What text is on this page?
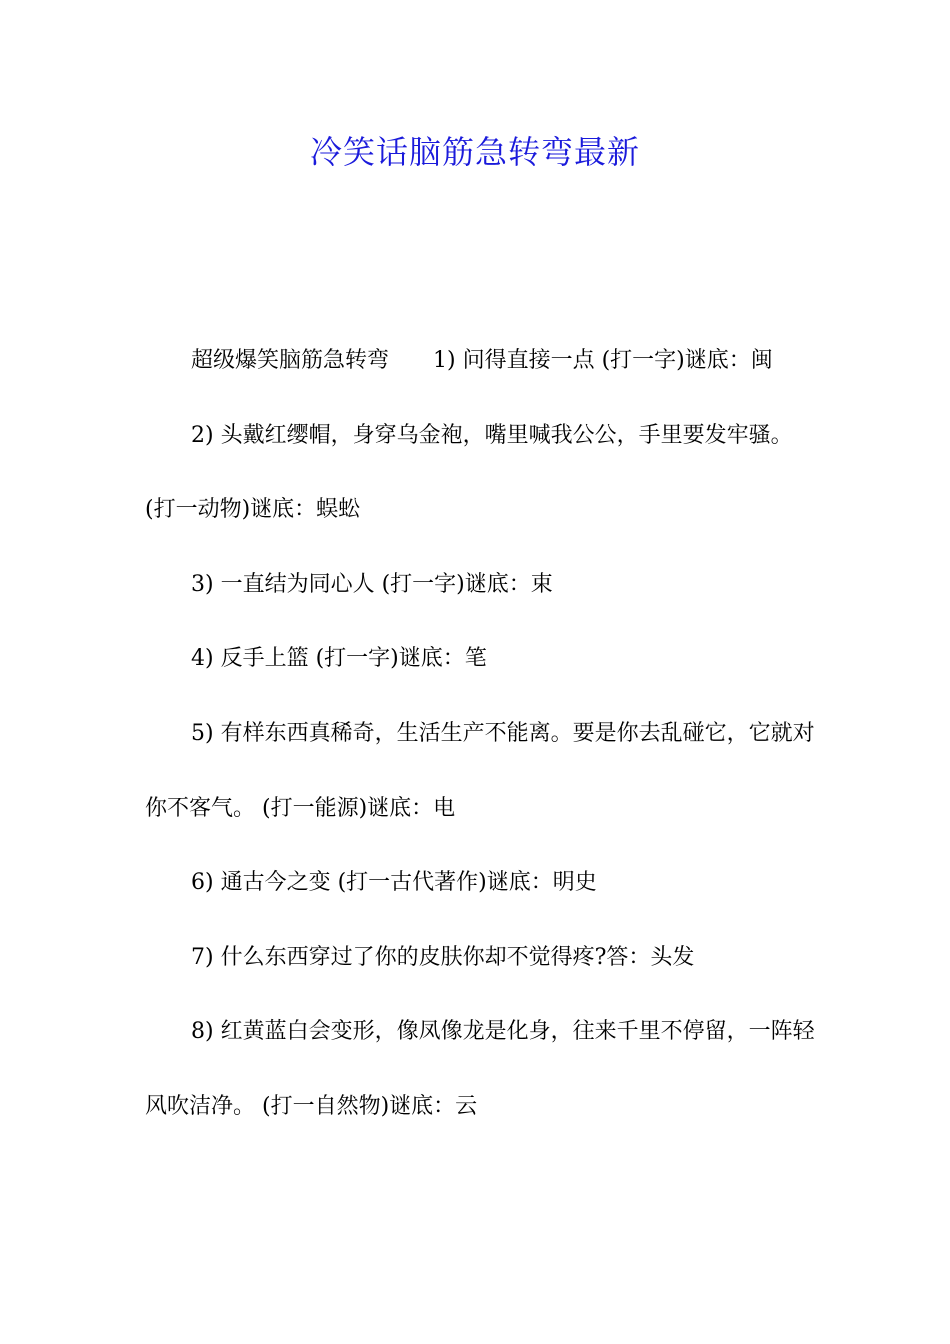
冷笑话脑筋急转弯最新

超级爆笑脑筋急转弯　　1) 问得直接一点 (打一字)谜底：闽

2) 头戴红缨帽，身穿乌金袍，嘴里喊我公公，手里要发牢骚。 (打一动物)谜底：蜈蚣

3) 一直结为同心人 (打一字)谜底：束

4) 反手上篮 (打一字)谜底：笔

5) 有样东西真稀奇，生活生产不能离。要是你去乱碰它，它就对你不客气。 (打一能源)谜底：电

6) 通古今之变 (打一古代著作)谜底：明史

7) 什么东西穿过了你的皮肤你却不觉得疼?答：头发

8) 红黄蓝白会变形，像凤像龙是化身，往来千里不停留，一阵轻风吹洁净。 (打一自然物)谜底：云
